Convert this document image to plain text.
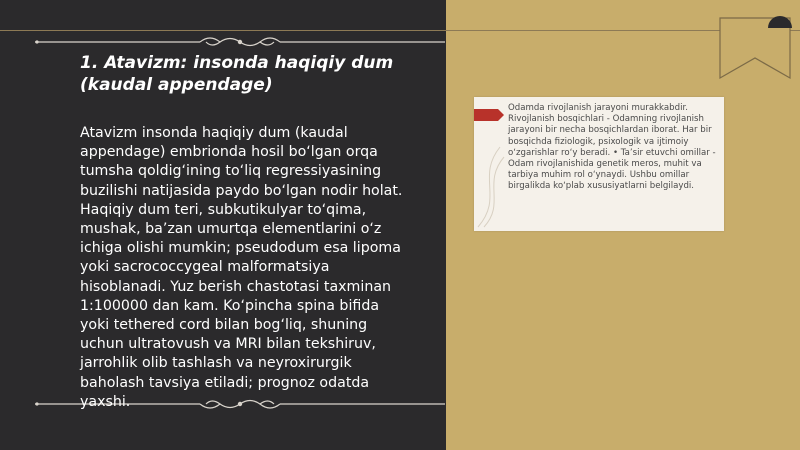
1. Atavizm: insonda haqiqiy dum (kaudal appendage)
Atavizm insonda haqiqiy dum (kaudal appendage) embrionda hosil bo‘lgan orqa tumsha qoldig‘ining to‘liq regressiyasining buzilishi natijasida paydo bo‘lgan nodir holat. Haqiqiy dum teri, subkutikulyar to‘qima, mushak, ba’zan umurtqa elementlarini o‘z ichiga olishi mumkin; pseudodum esa lipoma yoki sacrococcygeal malformatsiya hisoblanadi. Yuz berish chastotasi taxminan 1:100000 dan kam. Ko‘pincha spina bifida yoki tethered cord bilan bog‘liq, shuning uchun ultratovush va MRI bilan tekshiruv, jarrohlik olib tashlash va neyroxirurgik baholash tavsiya etiladi; prognoz odatda yaxshi.
Odamda rivojlanish jarayoni murakkabdir. Rivojlanish bosqichlari - Odamning rivojlanish jarayoni bir necha bosqichlardan iborat. Har bir bosqichda fiziologik, psixologik va ijtimoiy o‘zgarishlar ro‘y beradi. • Ta’sir etuvchi omillar - Odam rivojlanishida genetik meros, muhit va tarbiya muhim rol o‘ynaydi. Ushbu omillar birgalikda ko‘plab xususiyatlarni belgilaydi.
